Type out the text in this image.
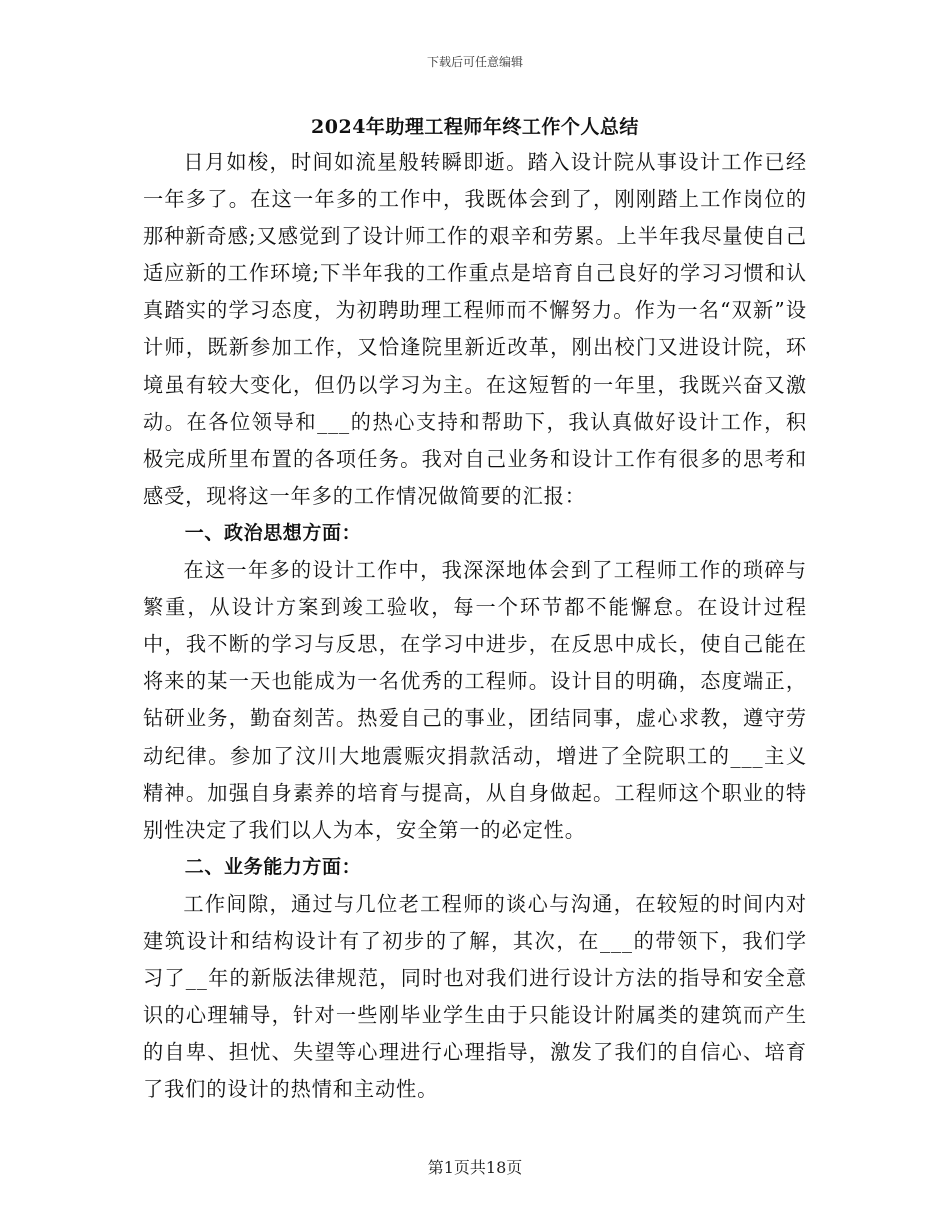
下载后可任意编辑
2024年助理工程师年终工作个人总结

日月如梭，时间如流星般转瞬即逝。踏入设计院从事设计工作已经一年多了。在这一年多的工作中，我既体会到了，刚刚踏上工作岗位的那种新奇感;又感觉到了设计师工作的艰辛和劳累。上半年我尽量使自己适应新的工作环境;下半年我的工作重点是培育自己良好的学习习惯和认真踏实的学习态度，为初聘助理工程师而不懈努力。作为一名“双新”设计师，既新参加工作，又恰逢院里新近改革，刚出校门又进设计院，环境虽有较大变化，但仍以学习为主。在这短暂的一年里，我既兴奋又激动。在各位领导和___的热心支持和帮助下，我认真做好设计工作，积极完成所里布置的各项任务。我对自己业务和设计工作有很多的思考和感受，现将这一年多的工作情况做简要的汇报：

一、政治思想方面：

在这一年多的设计工作中，我深深地体会到了工程师工作的琐碎与繁重，从设计方案到竣工验收，每一个环节都不能懈怠。在设计过程中，我不断的学习与反思，在学习中进步，在反思中成长，使自己能在将来的某一天也能成为一名优秀的工程师。设计目的明确，态度端正，钻研业务，勤奋刻苦。热爱自己的事业，团结同事，虚心求教，遵守劳动纪律。参加了汶川大地震赈灾捐款活动，增进了全院职工的___主义精神。加强自身素养的培育与提高，从自身做起。工程师这个职业的特别性决定了我们以人为本，安全第一的必定性。

二、业务能力方面：

工作间隙，通过与几位老工程师的谈心与沟通，在较短的时间内对建筑设计和结构设计有了初步的了解，其次，在___的带领下，我们学习了__年的新版法律规范，同时也对我们进行设计方法的指导和安全意识的心理辅导，针对一些刚毕业学生由于只能设计附属类的建筑而产生的自卑、担忧、失望等心理进行心理指导，激发了我们的自信心、培育了我们的设计的热情和主动性。

第1页共18页
